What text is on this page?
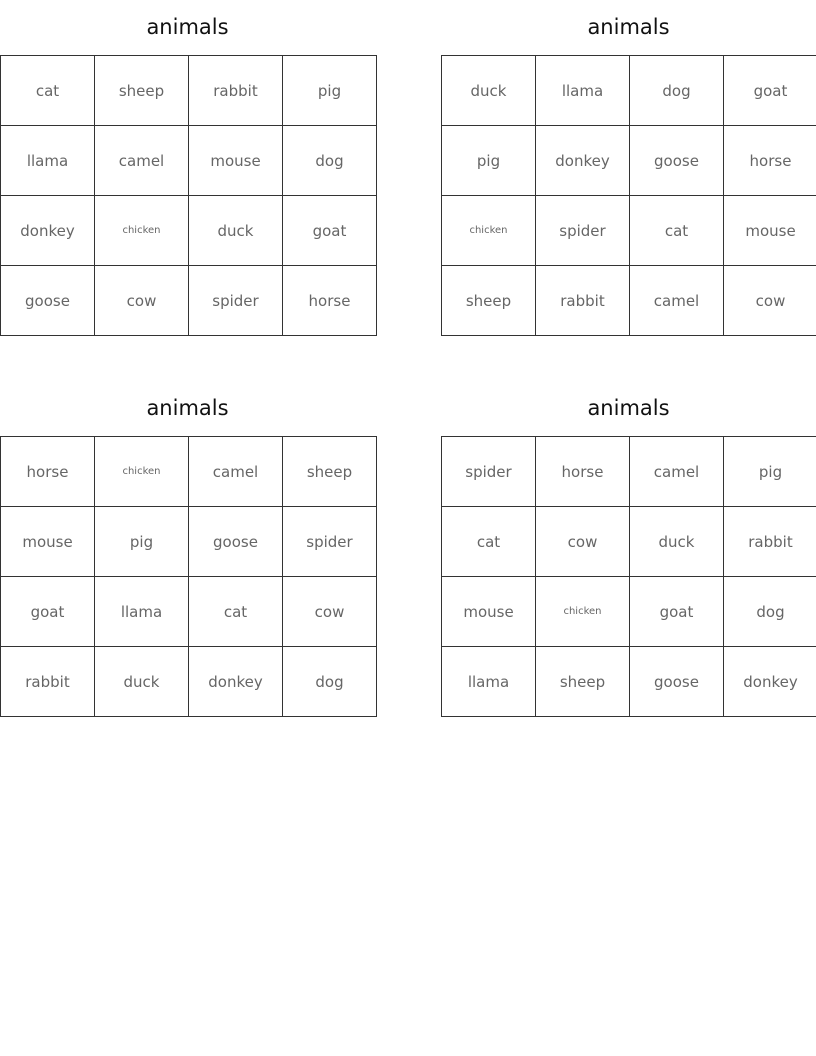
animals
cat	sheep	rabbit	pig
llama	camel	mouse	dog
donkey	chicken	duck	goat
goose	cow	spider	horse
animals
duck	llama	dog	goat
pig	donkey	goose	horse
chicken	spider	cat	mouse
sheep	rabbit	camel	cow
animals
horse	chicken	camel	sheep
mouse	pig	goose	spider
goat	llama	cat	cow
rabbit	duck	donkey	dog
animals
spider	horse	camel	pig
cat	cow	duck	rabbit
mouse	chicken	goat	dog
llama	sheep	goose	donkey
